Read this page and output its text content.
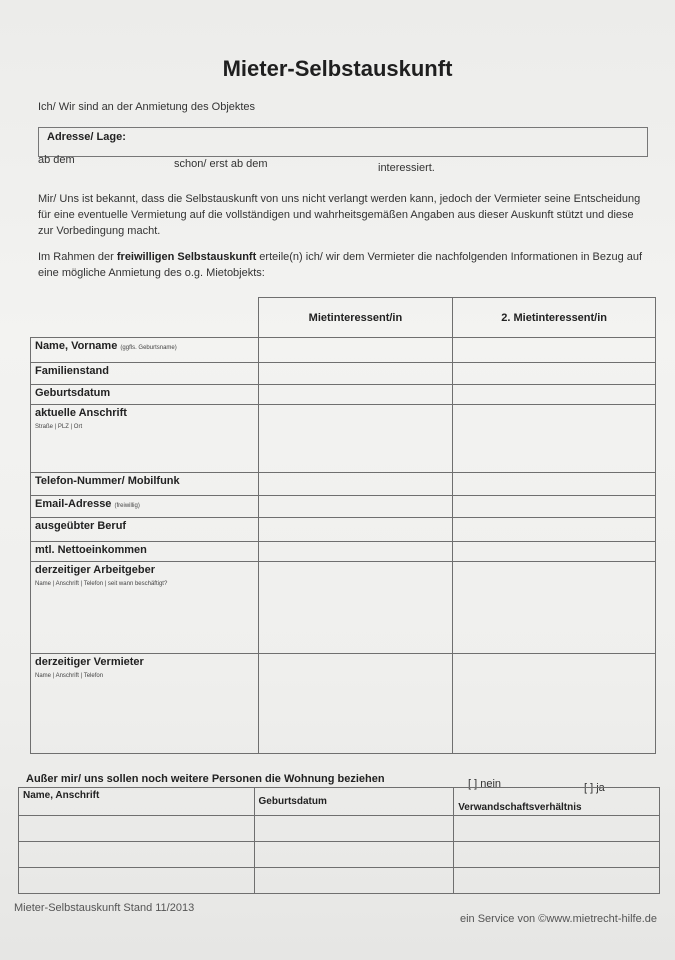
Mieter-Selbstauskunft
Ich/ Wir sind an der Anmietung des Objektes
Adresse/ Lage:
ab dem	schon/ erst ab dem	interessiert.
Mir/ Uns ist bekannt, dass die Selbstauskunft von uns nicht verlangt werden kann, jedoch der Vermieter seine Entscheidung für eine eventuelle Vermietung auf die vollständigen und wahrheitsgemäßen Angaben aus dieser Auskunft stützt und diese zur Vorbedingung macht.
Im Rahmen der freiwilligen Selbstauskunft erteile(n) ich/ wir dem Vermieter die nachfolgenden Informationen in Bezug auf eine mögliche Anmietung des o.g. Mietobjekts:
	Mietinteressent/in	2. Mietinteressent/in
Name, Vorname (ggfls. Geburtsname)		
Familienstand		
Geburtsdatum		
aktuelle Anschrift
Straße | PLZ | Ort		

Telefon-Nummer/ Mobilfunk		
Email-Adresse (freiwillig)		
ausgeübter Beruf		
mtl. Nettoeinkommen		
derzeitiger Arbeitgeber
Name | Anschrift | Telefon | seit wann beschäftigt?		

derzeitiger Vermieter
Name | Anschrift | Telefon		

Außer mir/ uns sollen noch weitere Personen die Wohnung beziehen	[ ] nein	[ ] ja
Name, Anschrift	Geburtsdatum	Verwandschaftsverhältnis

Mieter-Selbstauskunft Stand 11/2013
ein Service von ©www.mietrecht-hilfe.de
